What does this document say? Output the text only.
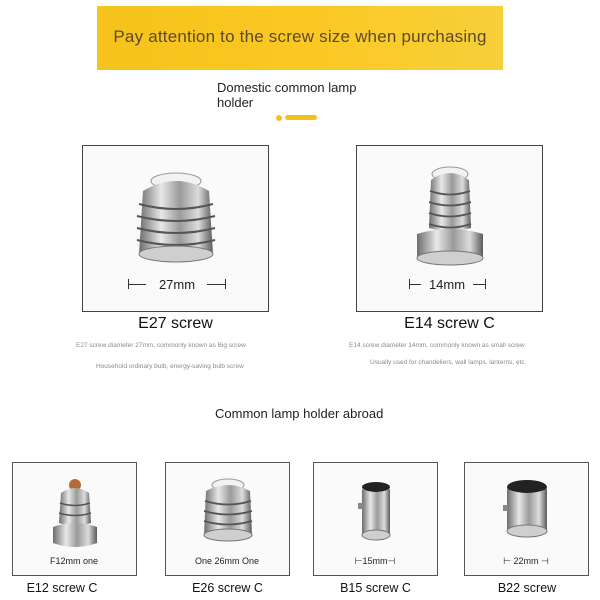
Pay attention to the screw size when purchasing
Domestic common lamp holder
27mm	14mm
E27 screw	E14 screw C
E27 screw diameter 27mm, commonly known as Big screw
Household ordinary bulb, energy-saving bulb screw
E14 screw diameter 14mm, commonly known as small screw
Usually used for chandeliers, wall lamps, lanterns, etc.
Common lamp holder abroad
F12mm one	One 26mm One	⊢15mm⊣	⊢ 22mm ⊣
E12 screw C	E26 screw C	B15 screw C	B22 screw
